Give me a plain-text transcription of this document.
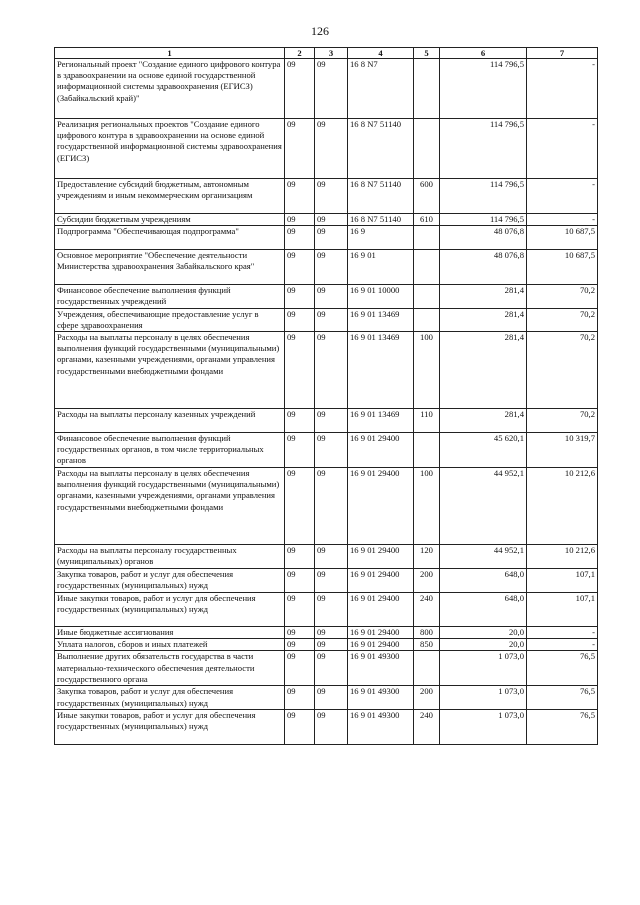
126
1	2	3	4	5	6	7
Региональный проект "Создание единого цифрового контура в здравоохранении на основе единой государственной информационной системы здравоохранения (ЕГИСЗ) (Забайкальский край)"	09	09	16 8 N7		114 796,5	-
Реализация региональных проектов "Создание единого цифрового контура в здравоохранении на основе единой государственной информационной системы здравоохранения (ЕГИСЗ)	09	09	16 8 N7 51140		114 796,5	-
Предоставление субсидий бюджетным, автономным учреждениям и иным некоммерческим организациям	09	09	16 8 N7 51140	600	114 796,5	-
Субсидии бюджетным учреждениям	09	09	16 8 N7 51140	610	114 796,5	-
Подпрограмма "Обеспечивающая подпрограмма"	09	09	16 9		48 076,8	10 687,5
Основное мероприятие "Обеспечение деятельности Министерства здравоохранения Забайкальского края"	09	09	16 9 01		48 076,8	10 687,5
Финансовое обеспечение выполнения функций государственных учреждений	09	09	16 9 01 10000		281,4	70,2
Учреждения, обеспечивающие предоставление услуг в сфере здравоохранения	09	09	16 9 01 13469		281,4	70,2
Расходы на выплаты персоналу в целях обеспечения выполнения функций государственными (муниципальными) органами, казенными учреждениями, органами управления государственными внебюджетными фондами	09	09	16 9 01 13469	100	281,4	70,2
Расходы на выплаты персоналу казенных учреждений	09	09	16 9 01 13469	110	281,4	70,2
Финансовое обеспечение выполнения функций государственных органов, в том числе территориальных органов	09	09	16 9 01 29400		45 620,1	10 319,7
Расходы на выплаты персоналу в целях обеспечения выполнения функций государственными (муниципальными) органами, казенными учреждениями, органами управления государственными внебюджетными фондами	09	09	16 9 01 29400	100	44 952,1	10 212,6
Расходы на выплаты персоналу государственных (муниципальных) органов	09	09	16 9 01 29400	120	44 952,1	10 212,6
Закупка товаров, работ и услуг для обеспечения государственных (муниципальных) нужд	09	09	16 9 01 29400	200	648,0	107,1
Иные закупки товаров, работ и услуг для обеспечения государственных (муниципальных) нужд	09	09	16 9 01 29400	240	648,0	107,1
Иные бюджетные ассигнования	09	09	16 9 01 29400	800	20,0	-
Уплата налогов, сборов и иных платежей	09	09	16 9 01 29400	850	20,0	-
Выполнение других обязательств государства в части материально-технического обеспечения деятельности государственного органа	09	09	16 9 01 49300		1 073,0	76,5
Закупка товаров, работ и услуг для обеспечения государственных (муниципальных) нужд	09	09	16 9 01 49300	200	1 073,0	76,5
Иные закупки товаров, работ и услуг для обеспечения государственных (муниципальных) нужд	09	09	16 9 01 49300	240	1 073,0	76,5
